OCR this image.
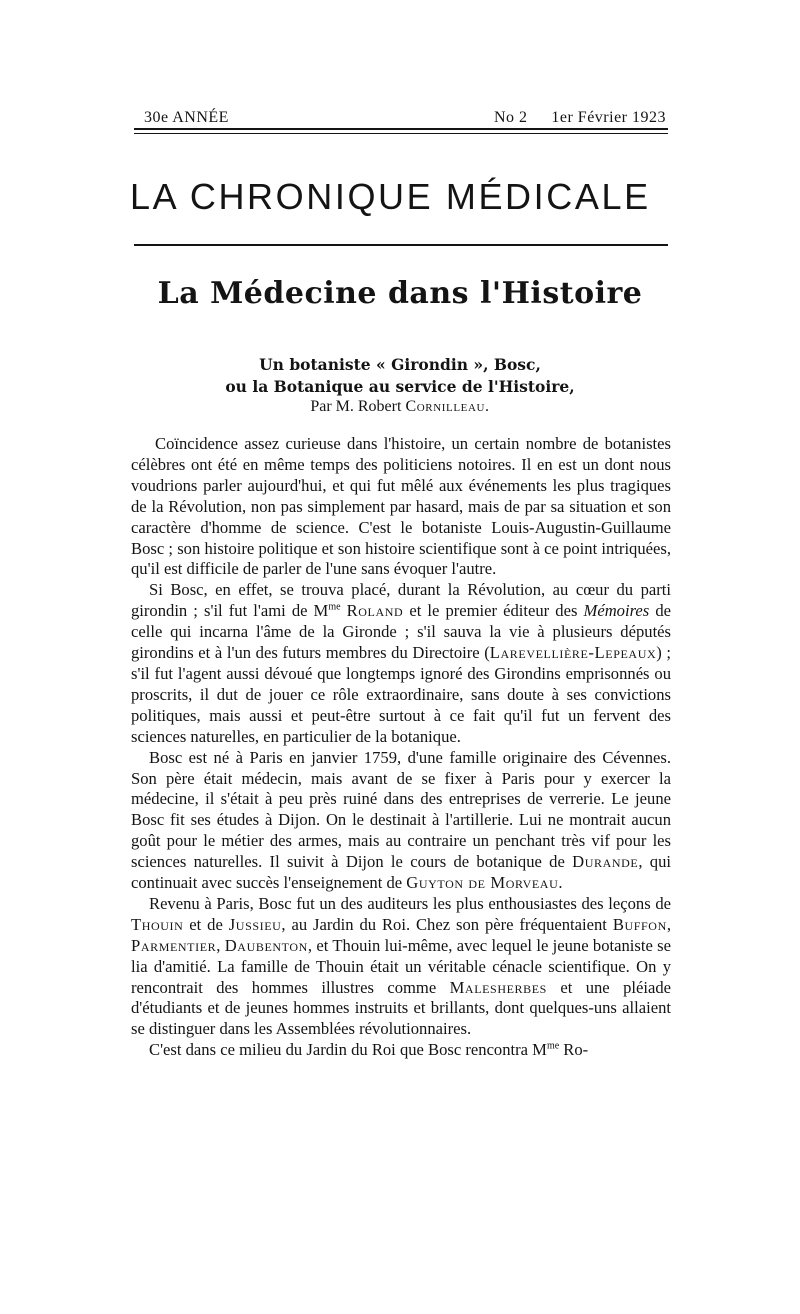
30e ANNÉE	No 2 1er Février 1923
LA CHRONIQUE MÉDICALE
La Médecine dans l'Histoire
Un botaniste « Girondin », Bosc,
ou la Botanique au service de l'Histoire,
Par M. Robert Cornilleau.

Coïncidence assez curieuse dans l'histoire, un certain nombre de botanistes célèbres ont été en même temps des politiciens notoires. Il en est un dont nous voudrions parler aujourd'hui, et qui fut mêlé aux événements les plus tragiques de la Révolution, non pas simplement par hasard, mais de par sa situation et son caractère d'homme de science. C'est le botaniste Louis-Augustin-Guillaume Bosc ; son histoire politique et son histoire scientifique sont à ce point intriquées, qu'il est difficile de parler de l'une sans évoquer l'autre.

Si Bosc, en effet, se trouva placé, durant la Révolution, au cœur du parti girondin ; s'il fut l'ami de $M^{me}$ Roland et le premier éditeur des Mémoires de celle qui incarna l'âme de la Gironde ; s'il sauva la vie à plusieurs députés girondins et à l'un des futurs membres du Directoire (Larevellière-Lepeaux) ; s'il fut l'agent aussi dévoué que longtemps ignoré des Girondins emprisonnés ou proscrits, il dut de jouer ce rôle extraordinaire, sans doute à ses convictions politiques, mais aussi et peut-être surtout à ce fait qu'il fut un fervent des sciences naturelles, en particulier de la botanique.

Bosc est né à Paris en janvier 1759, d'une famille originaire des Cévennes. Son père était médecin, mais avant de se fixer à Paris pour y exercer la médecine, il s'était à peu près ruiné dans des entreprises de verrerie. Le jeune Bosc fit ses études à Dijon. On le destinait à l'artillerie. Lui ne montrait aucun goût pour le métier des armes, mais au contraire un penchant très vif pour les sciences naturelles. Il suivit à Dijon le cours de botanique de Durande, qui continuait avec succès l'enseignement de Guyton de Morveau.

Revenu à Paris, Bosc fut un des auditeurs les plus enthousiastes des leçons de Thouin et de Jussieu, au Jardin du Roi. Chez son père fréquentaient Buffon, Parmentier, Daubenton, et Thouin lui-même, avec lequel le jeune botaniste se lia d'amitié. La famille de Thouin était un véritable cénacle scientifique. On y rencontrait des hommes illustres comme Malesherbes et une pléiade d'étudiants et de jeunes hommes instruits et brillants, dont quelques-uns allaient se distinguer dans les Assemblées révolutionnaires.

C'est dans ce milieu du Jardin du Roi que Bosc rencontra $M^{me}$ Ro-
